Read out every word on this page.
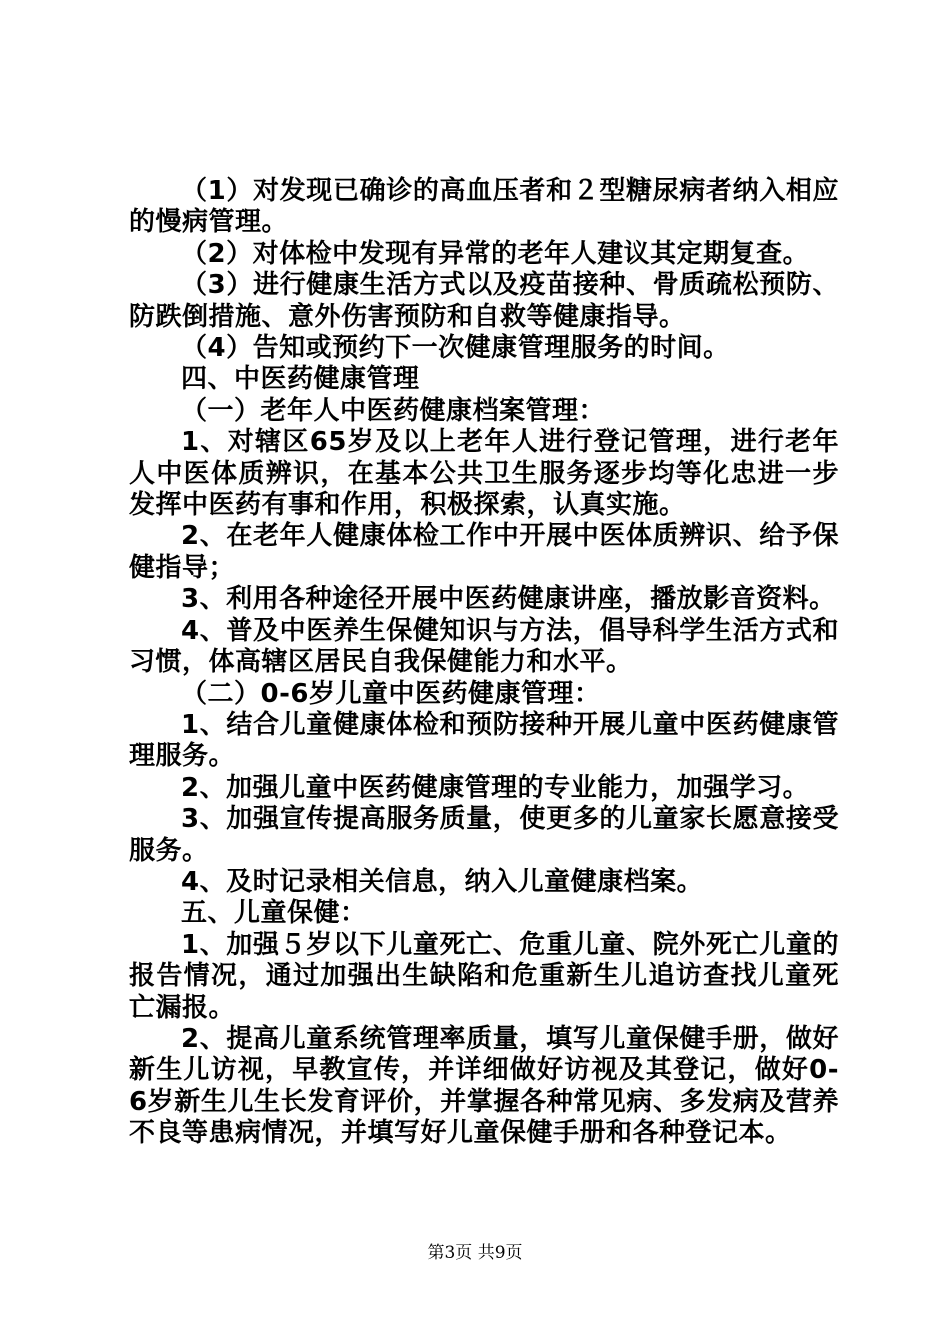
（1）对发现已确诊的高血压者和２型糖尿病者纳入相应的慢病管理。

（2）对体检中发现有异常的老年人建议其定期复查。

（3）进行健康生活方式以及疫苗接种、骨质疏松预防、防跌倒措施、意外伤害预防和自救等健康指导。

（4）告知或预约下一次健康管理服务的时间。

四、中医药健康管理

（一）老年人中医药健康档案管理：

1、对辖区65岁及以上老年人进行登记管理，进行老年人中医体质辨识，在基本公共卫生服务逐步均等化忠进一步发挥中医药有事和作用，积极探索，认真实施。

2、在老年人健康体检工作中开展中医体质辨识、给予保健指导；

3、利用各种途径开展中医药健康讲座，播放影音资料。

4、普及中医养生保健知识与方法，倡导科学生活方式和习惯，体高辖区居民自我保健能力和水平。

（二）0-6岁儿童中医药健康管理：

1、结合儿童健康体检和预防接种开展儿童中医药健康管理服务。

2、加强儿童中医药健康管理的专业能力，加强学习。

3、加强宣传提高服务质量，使更多的儿童家长愿意接受服务。

4、及时记录相关信息，纳入儿童健康档案。

五、儿童保健：

1、加强５岁以下儿童死亡、危重儿童、院外死亡儿童的报告情况，通过加强出生缺陷和危重新生儿追访查找儿童死亡漏报。

2、提高儿童系统管理率质量，填写儿童保健手册，做好新生儿访视，早教宣传，并详细做好访视及其登记，做好0-6岁新生儿生长发育评价，并掌握各种常见病、多发病及营养不良等患病情况，并填写好儿童保健手册和各种登记本。

第3页 共9页
